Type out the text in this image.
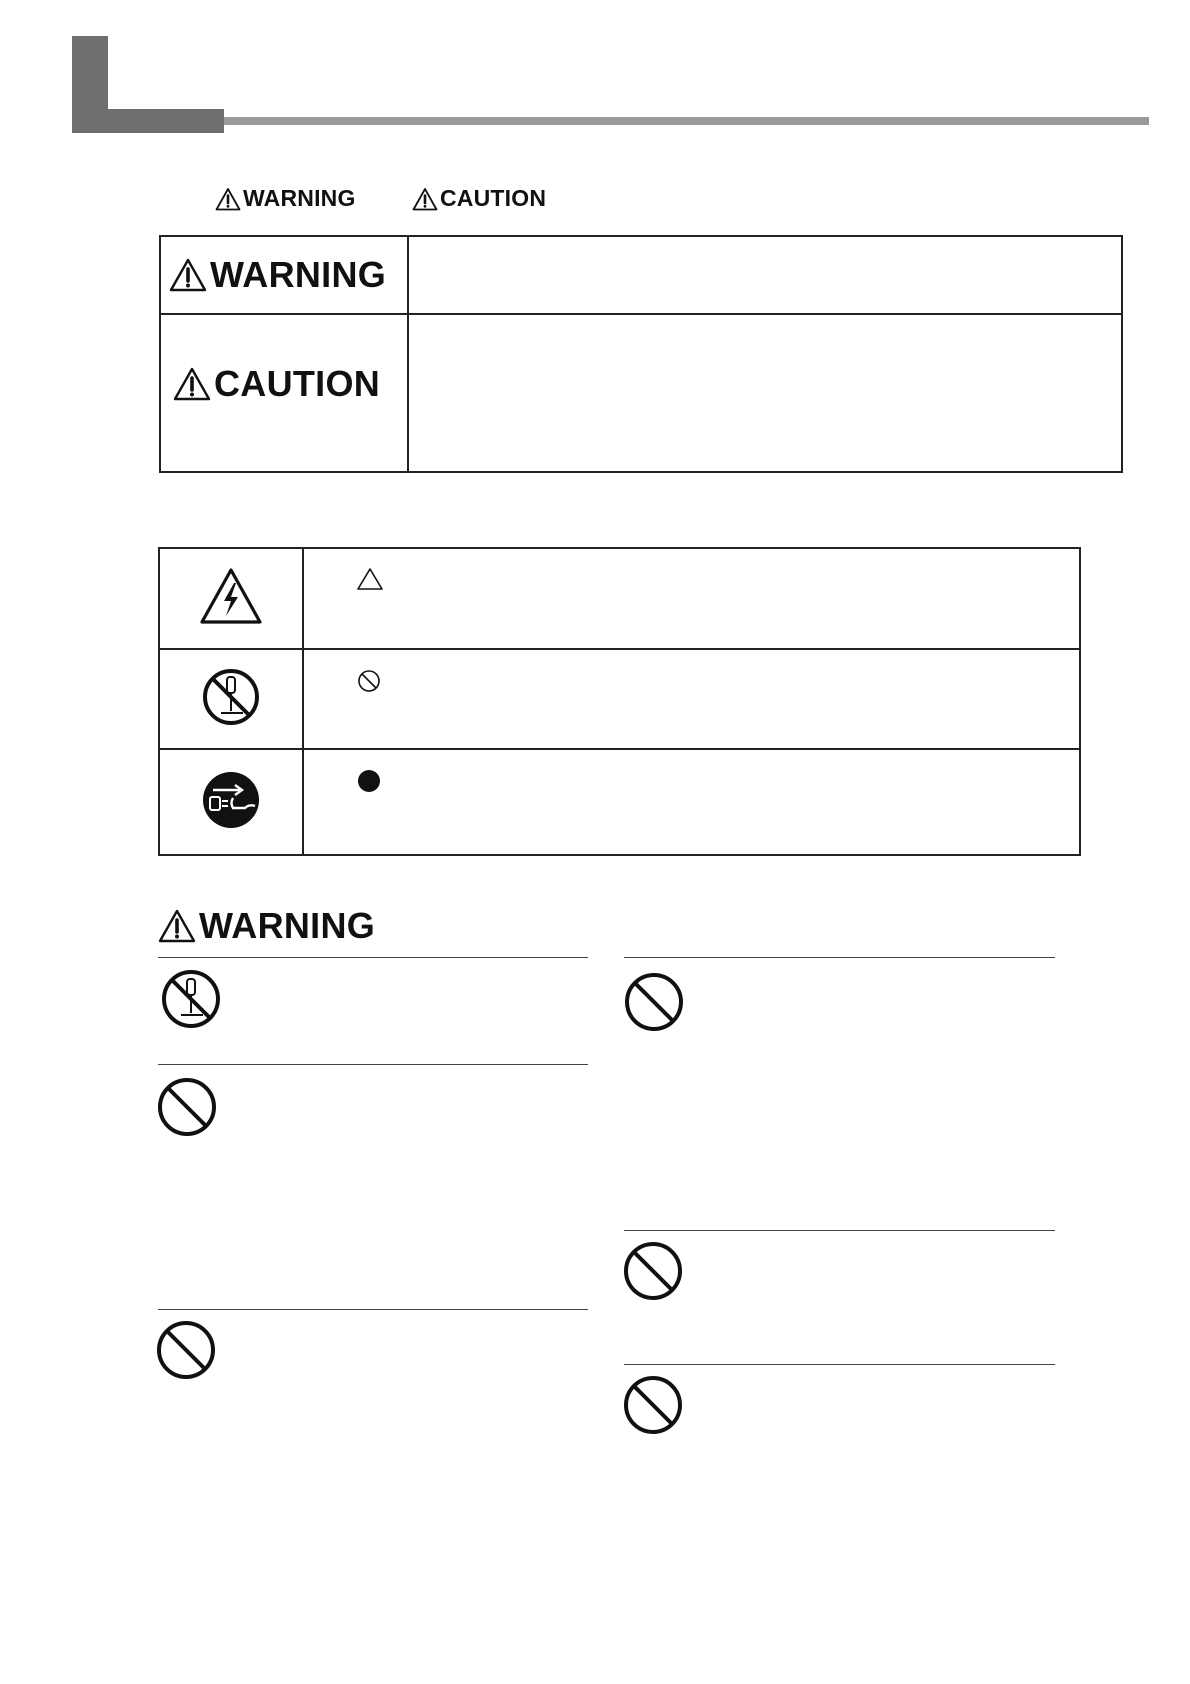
WARNING	CAUTION
WARNING	

CAUTION	

WARNING
